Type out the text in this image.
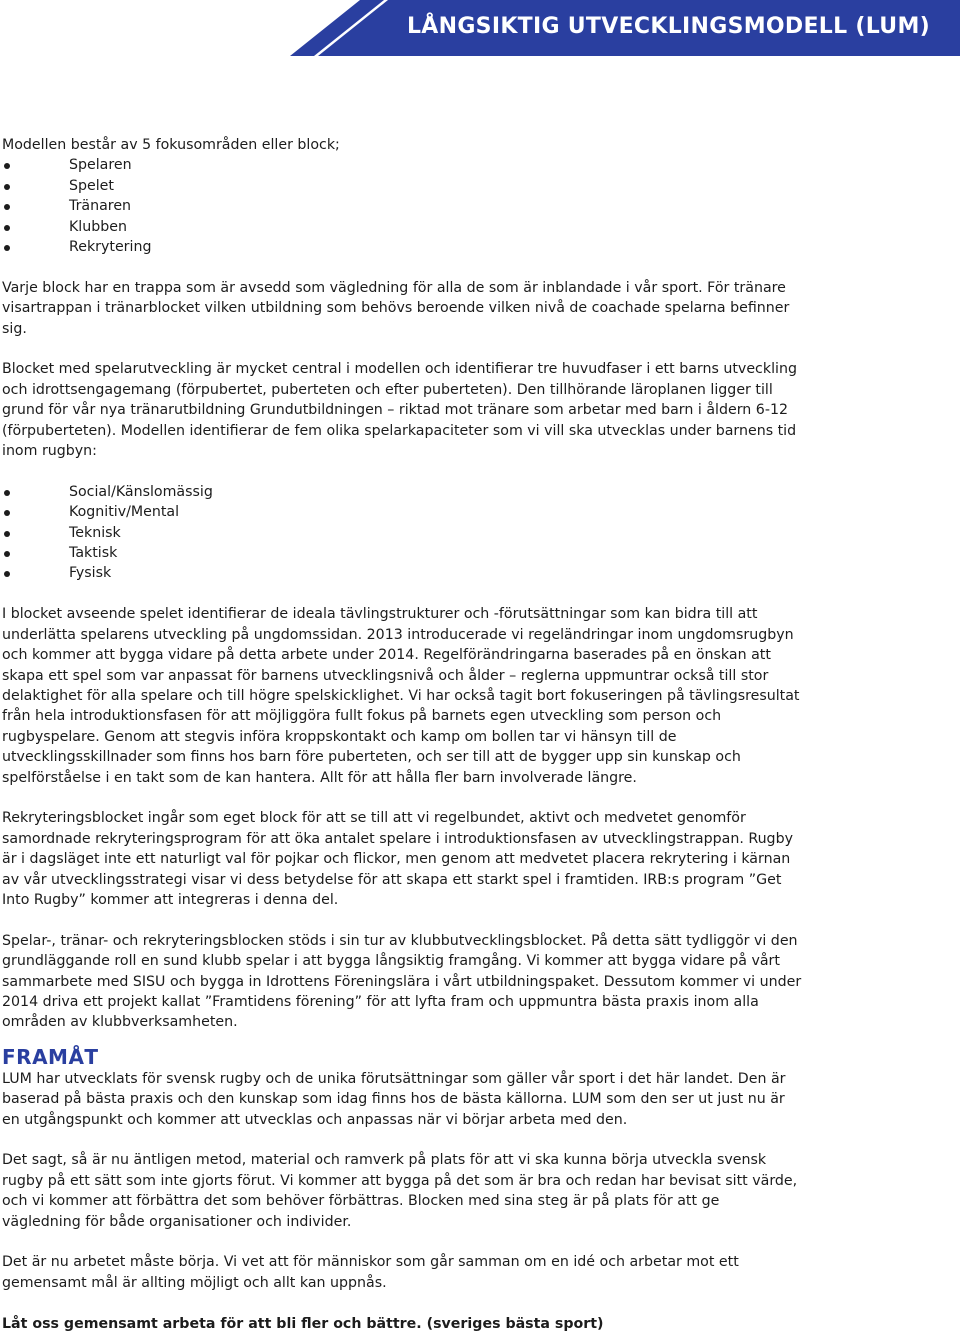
LÅNGSIKTIG UTVECKLINGSMODELL (LUM)

Modellen består av 5 fokusområden eller block;

Spelaren
Spelet
Tränaren
Klubben
Rekrytering

Varje block har en trappa som är avsedd som vägledning för alla de som är inblandade i vår sport. För tränare visartrappan i tränarblocket vilken utbildning som behövs beroende vilken nivå de coachade spelarna befinner sig.

Blocket med spelarutveckling är mycket central i modellen och identifierar tre huvudfaser i ett barns utveckling och idrottsengagemang (förpubertet, puberteten och efter puberteten). Den tillhörande läroplanen ligger till grund för vår nya tränarutbildning Grundutbildningen – riktad mot tränare som arbetar med barn i åldern 6-12 (förpuberteten). Modellen identifierar de fem olika spelarkapaciteter som vi vill ska utvecklas under barnens tid inom rugbyn:

Social/Känslomässig
Kognitiv/Mental
Teknisk
Taktisk
Fysisk

I blocket avseende spelet identifierar de ideala tävlingstrukturer och -förutsättningar som kan bidra till att underlätta spelarens utveckling på ungdomssidan. 2013 introducerade vi regeländringar inom ungdomsrugbyn och kommer att bygga vidare på detta arbete under 2014. Regelförändringarna baserades på en önskan att skapa ett spel som var anpassat för barnens utvecklingsnivå och ålder – reglerna uppmuntrar också till stor delaktighet för alla spelare och till högre spelskicklighet. Vi har också tagit bort fokuseringen på tävlingsresultat från hela introduktionsfasen för att möjliggöra fullt fokus på barnets egen utveckling som person och rugbyspelare. Genom att stegvis införa kroppskontakt och kamp om bollen tar vi hänsyn till de utvecklingsskillnader som finns hos barn före puberteten, och ser till att de bygger upp sin kunskap och spelförståelse i en takt som de kan hantera. Allt för att hålla fler barn involverade längre.

Rekryteringsblocket ingår som eget block för att se till att vi regelbundet, aktivt och medvetet genomför samordnade rekryteringsprogram för att öka antalet spelare i introduktionsfasen av utvecklingstrappan. Rugby är i dagsläget inte ett naturligt val för pojkar och flickor, men genom att medvetet placera rekrytering i kärnan av vår utvecklingsstrategi visar vi dess betydelse för att skapa ett starkt spel i framtiden. IRB:s program ”Get Into Rugby” kommer att integreras i denna del.

Spelar-, tränar- och rekryteringsblocken stöds i sin tur av klubbutvecklingsblocket. På detta sätt tydliggör vi den grundläggande roll en sund klubb spelar i att bygga långsiktig framgång. Vi kommer att bygga vidare på vårt sammarbete med SISU och bygga in Idrottens Föreningslära i vårt utbildningspaket. Dessutom kommer vi under 2014 driva ett projekt kallat ”Framtidens förening” för att lyfta fram och uppmuntra bästa praxis inom alla områden av klubbverksamheten.

FRAMÅT

LUM har utvecklats för svensk rugby och de unika förutsättningar som gäller vår sport i det här landet. Den är baserad på bästa praxis och den kunskap som idag finns hos de bästa källorna. LUM som den ser ut just nu är en utgångspunkt och kommer att utvecklas och anpassas när vi börjar arbeta med den.

Det sagt, så är nu äntligen metod, material och ramverk på plats för att vi ska kunna börja utveckla svensk rugby på ett sätt som inte gjorts förut. Vi kommer att bygga på det som är bra och redan har bevisat sitt värde, och vi kommer att förbättra det som behöver förbättras. Blocken med sina steg är på plats för att ge vägledning för både organisationer och individer.

Det är nu arbetet måste börja. Vi vet att för människor som går samman om en idé och arbetar mot ett gemensamt mål är allting möjligt och allt kan uppnås.

Låt oss gemensamt arbeta för att bli fler och bättre. (sveriges bästa sport)
